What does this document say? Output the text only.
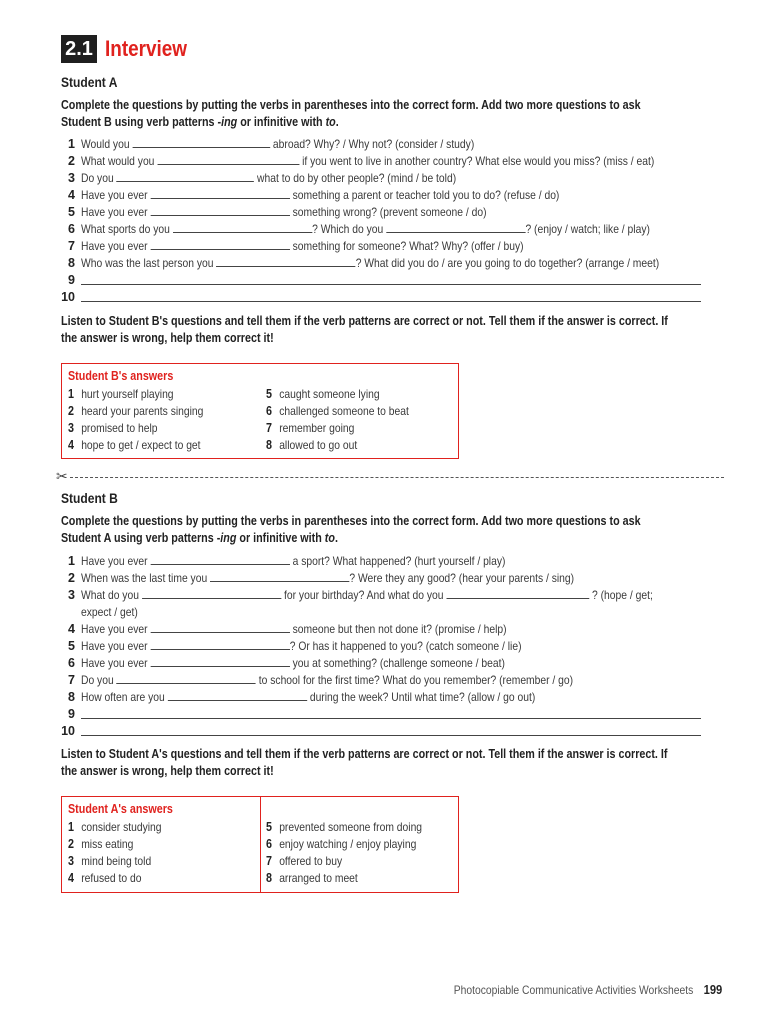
2.1 Interview
Student A
Complete the questions by putting the verbs in parentheses into the correct form. Add two more questions to ask
Student B using verb patterns -ing or infinitive with to.
1 Would you	abroad? Why? / Why not? (consider / study)
2 What would you	if you went to live in another country? What else would you miss? (miss / eat)
3 Do you	what to do by other people? (mind / be told)
4 Have you ever	something a parent or teacher told you to do? (refuse / do)
5 Have you ever	something wrong? (prevent someone / do)
6 What sports do you	? Which do you	? (enjoy / watch; like / play)
7 Have you ever	something for someone? What? Why? (offer / buy)
8 Who was the last person you	? What did you do / are you going to do together? (arrange / meet)
9
10
Listen to Student B's questions and tell them if the verb patterns are correct or not. Tell them if the answer is correct. If
the answer is wrong, help them correct it!
Student B's answers
1 hurt yourself playing
2 heard your parents singing
3 promised to help
4 hope to get / expect to get
5 caught someone lying
6 challenged someone to beat
7 remember going
8 allowed to go out
✂
Student B
Complete the questions by putting the verbs in parentheses into the correct form. Add two more questions to ask
Student A using verb patterns -ing or infinitive with to.
1 Have you ever	a sport? What happened? (hurt yourself / play)
2 When was the last time you	? Were they any good? (hear your parents / sing)
3 What do you	for your birthday? And what do you	? (hope / get;
expect / get)
4 Have you ever	someone but then not done it? (promise / help)
5 Have you ever	? Or has it happened to you? (catch someone / lie)
6 Have you ever	you at something? (challenge someone / beat)
7 Do you	to school for the first time? What do you remember? (remember / go)
8 How often are you	during the week? Until what time? (allow / go out)
9
10
Listen to Student A's questions and tell them if the verb patterns are correct or not. Tell them if the answer is correct. If
the answer is wrong, help them correct it!
Student A's answers
1 consider studying
2 miss eating
3 mind being told
4 refused to do
5 prevented someone from doing
6 enjoy watching / enjoy playing
7 offered to buy
8 arranged to meet
Photocopiable Communicative Activities Worksheets 199
